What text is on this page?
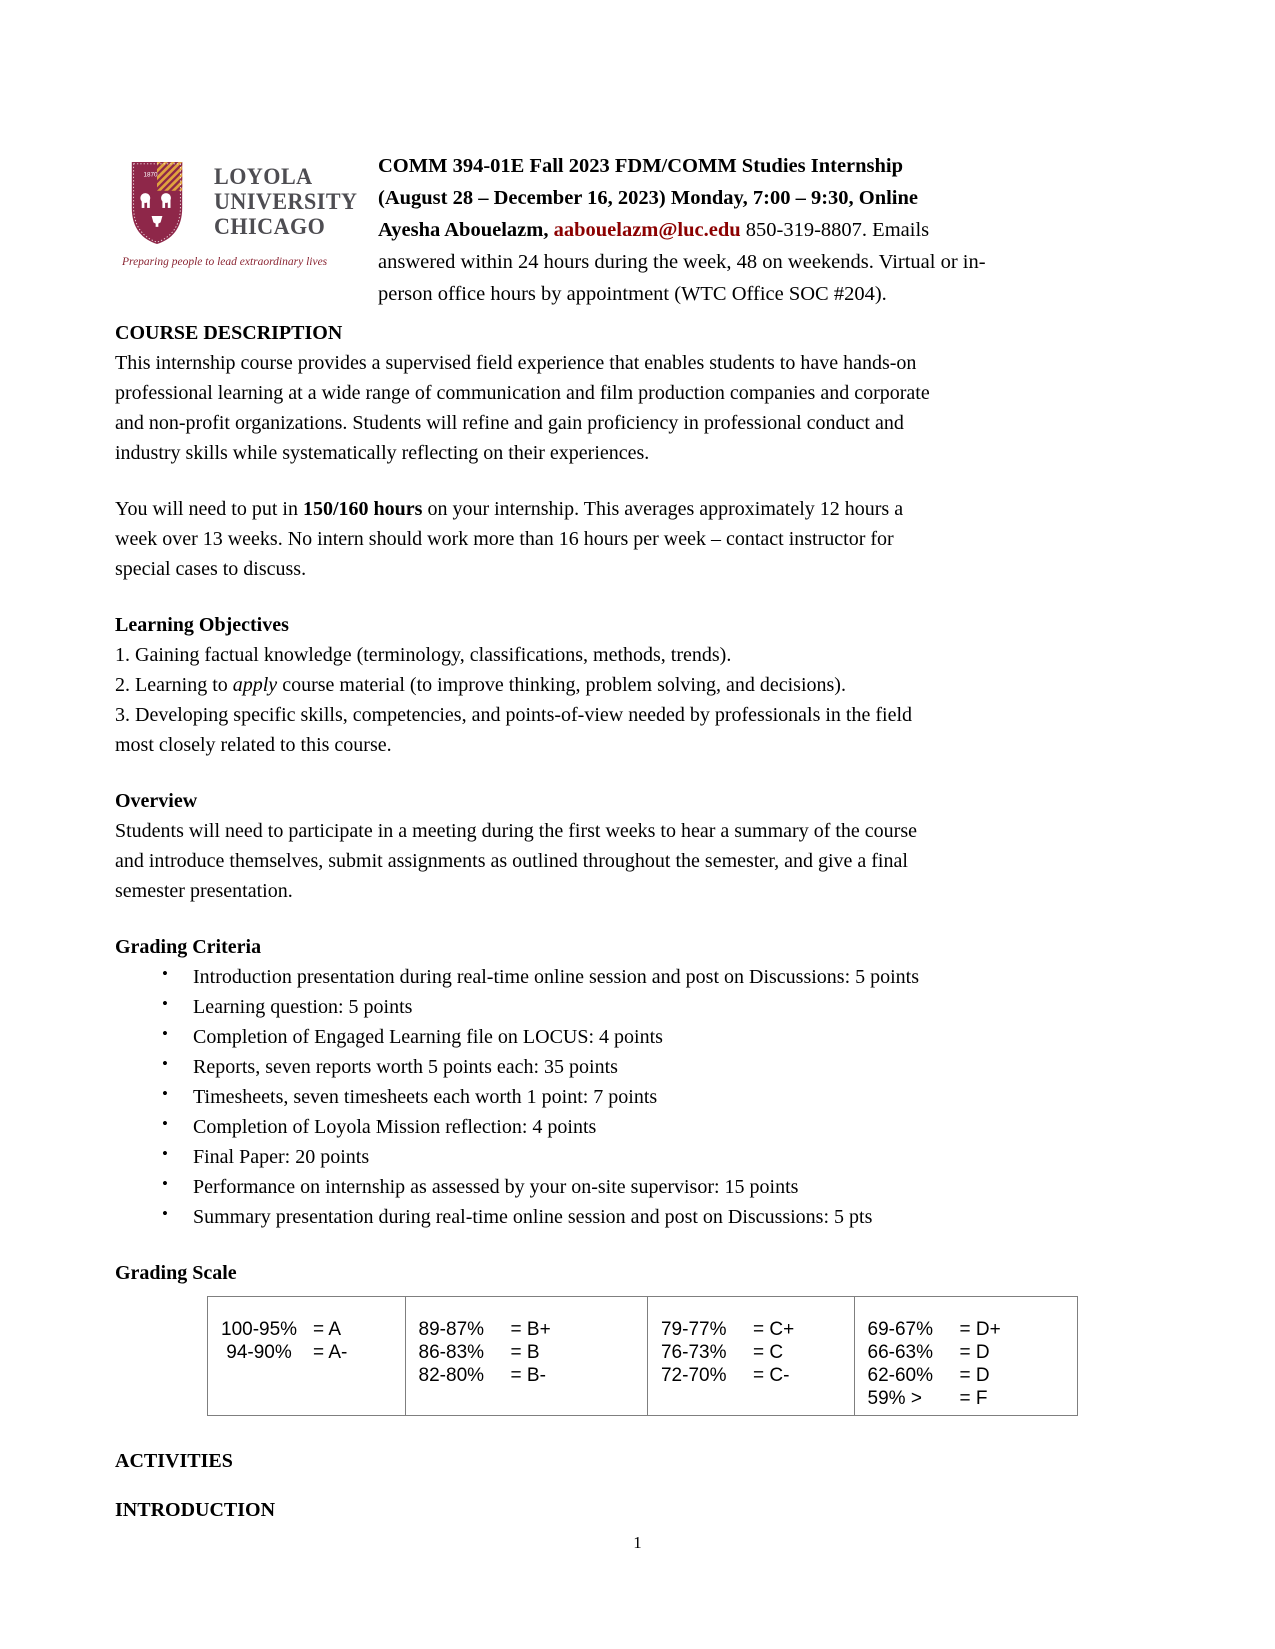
1870 LOYOLA
UNIVERSITY
CHICAGO
Preparing people to lead extraordinary lives
COMM 394-01E Fall 2023 FDM/COMM Studies Internship
(August 28 – December 16, 2023) Monday, 7:00 – 9:30, Online
Ayesha Abouelazm, aabouelazm@luc.edu 850-319-8807. Emails
answered within 24 hours during the week, 48 on weekends. Virtual or in-
person office hours by appointment (WTC Office SOC #204).
COURSE DESCRIPTION
This internship course provides a supervised field experience that enables students to have hands-on
professional learning at a wide range of communication and film production companies and corporate
and non-profit organizations. Students will refine and gain proficiency in professional conduct and
industry skills while systematically reflecting on their experiences.
You will need to put in 150/160 hours on your internship. This averages approximately 12 hours a
week over 13 weeks. No intern should work more than 16 hours per week – contact instructor for
special cases to discuss.
Learning Objectives
1. Gaining factual knowledge (terminology, classifications, methods, trends).
2. Learning to apply course material (to improve thinking, problem solving, and decisions).
3. Developing specific skills, competencies, and points-of-view needed by professionals in the field
most closely related to this course.
Overview
Students will need to participate in a meeting during the first weeks to hear a summary of the course
and introduce themselves, submit assignments as outlined throughout the semester, and give a final
semester presentation.
Grading Criteria
• Introduction presentation during real-time online session and post on Discussions: 5 points
• Learning question: 5 points
• Completion of Engaged Learning file on LOCUS: 4 points
• Reports, seven reports worth 5 points each: 35 points
• Timesheets, seven timesheets each worth 1 point: 7 points
• Completion of Loyola Mission reflection: 4 points
• Final Paper: 20 points
• Performance on internship as assessed by your on-site supervisor: 15 points
• Summary presentation during real-time online session and post on Discussions: 5 pts
Grading Scale
100-95% = A
94-90% = A-
89-87% = B+
86-83% = B
82-80% = B-
79-77% = C+
76-73% = C
72-70% = C-
69-67% = D+
66-63% = D
62-60% = D
59% > = F
ACTIVITIES
INTRODUCTION
1
